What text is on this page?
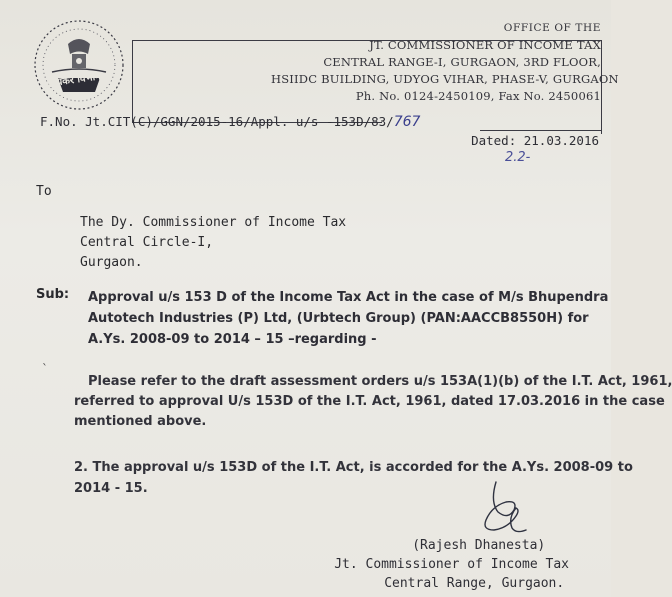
आयकर विभाग
OFFICE OF THE
JT. COMMISSIONER OF INCOME TAX
CENTRAL RANGE-I, GURGAON, 3RD FLOOR,
HSIIDC BUILDING, UDYOG VIHAR, PHASE-V, GURGAON
Ph. No. 0124-2450109, Fax No. 2450061
F.No. Jt.CIT(C)/GGN/2015-16/Appl. u/s -153D/83/767
Dated: 21.03.2016
2.2-
To
The Dy. Commissioner of Income Tax
Central Circle-I,
Gurgaon.
Sub: Approval u/s 153 D of the Income Tax Act in the case of M/s Bhupendra
Autotech Industries (P) Ltd, (Urbtech Group) (PAN:AACCB8550H) for
A.Ys. 2008-09 to 2014 – 15 –regarding -
`
Please refer to the draft assessment orders u/s 153A(1)(b) of the I.T. Act, 1961,
referred to approval U/s 153D of the I.T. Act, 1961, dated 17.03.2016 in the case
mentioned above.
2. The approval u/s 153D of the I.T. Act, is accorded for the A.Ys. 2008-09 to
2014 - 15.
(Rajesh Dhanesta)
Jt. Commissioner of Income Tax
Central Range, Gurgaon.
